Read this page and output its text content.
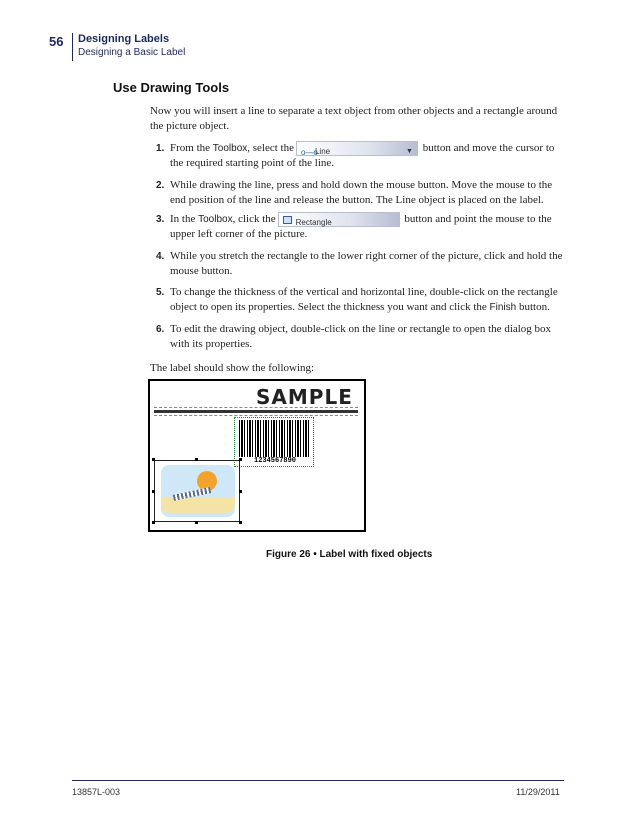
56 Designing Labels
Designing a Basic Label
Use Drawing Tools
Now you will insert a line to separate a text object from other objects and a rectangle around the picture object.
1. From the Toolbox, select the o—o
Line	▼ button and move the cursor to the required starting point of the line.
2. While drawing the line, press and hold down the mouse button. Move the mouse to the end position of the line and release the button. The Line object is placed on the label.
3. In the Toolbox, click the	Rectangle	button and point the mouse to the upper left corner of the picture.
4. While you stretch the rectangle to the lower right corner of the picture, click and hold the mouse button.
5. To change the thickness of the vertical and horizontal line, double-click on the rectangle object to open its properties. Select the thickness you want and click the Finish button.
6. To edit the drawing object, double-click on the line or rectangle to open the dialog box with its properties.
The label should show the following:
SAMPLE
1234567890
Figure 26 • Label with fixed objects
13857L-003	11/29/2011
